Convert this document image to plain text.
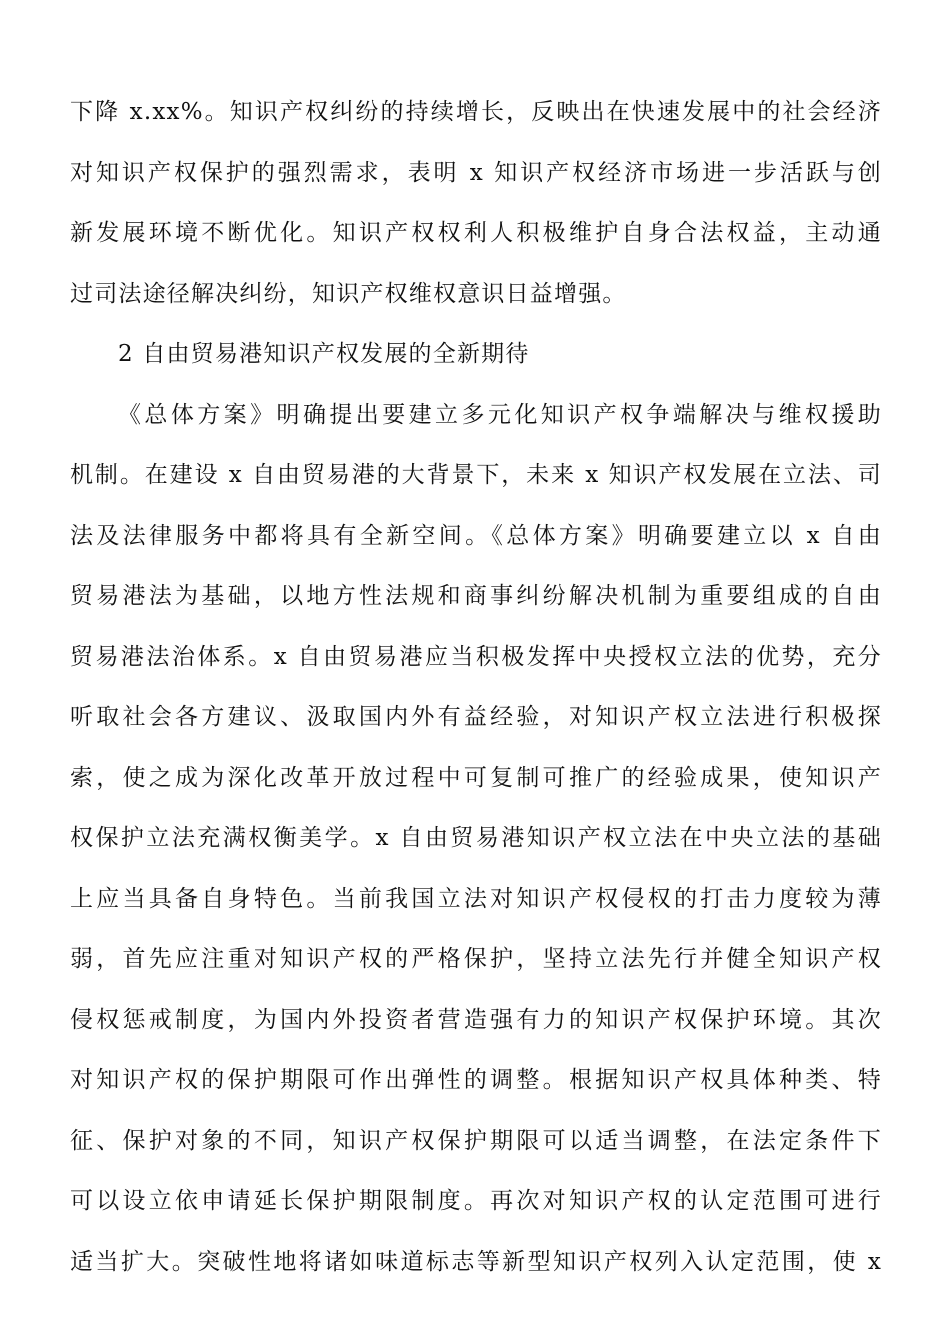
下降 x.xx%。知识产权纠纷的持续增长，反映出在快速发展中的社会经济
对知识产权保护的强烈需求，表明 x 知识产权经济市场进一步活跃与创
新发展环境不断优化。知识产权权利人积极维护自身合法权益，主动通
过司法途径解决纠纷，知识产权维权意识日益增强。
2 自由贸易港知识产权发展的全新期待
《总体方案》明确提出要建立多元化知识产权争端解决与维权援助
机制。在建设 x 自由贸易港的大背景下，未来 x 知识产权发展在立法、司
法及法律服务中都将具有全新空间。《总体方案》明确要建立以 x 自由
贸易港法为基础，以地方性法规和商事纠纷解决机制为重要组成的自由
贸易港法治体系。x 自由贸易港应当积极发挥中央授权立法的优势，充分
听取社会各方建议、汲取国内外有益经验，对知识产权立法进行积极探
索，使之成为深化改革开放过程中可复制可推广的经验成果，使知识产
权保护立法充满权衡美学。x 自由贸易港知识产权立法在中央立法的基础
上应当具备自身特色。当前我国立法对知识产权侵权的打击力度较为薄
弱，首先应注重对知识产权的严格保护，坚持立法先行并健全知识产权
侵权惩戒制度，为国内外投资者营造强有力的知识产权保护环境。其次
对知识产权的保护期限可作出弹性的调整。根据知识产权具体种类、特
征、保护对象的不同，知识产权保护期限可以适当调整，在法定条件下
可以设立依申请延长保护期限制度。再次对知识产权的认定范围可进行
适当扩大。突破性地将诸如味道标志等新型知识产权列入认定范围，使 x
